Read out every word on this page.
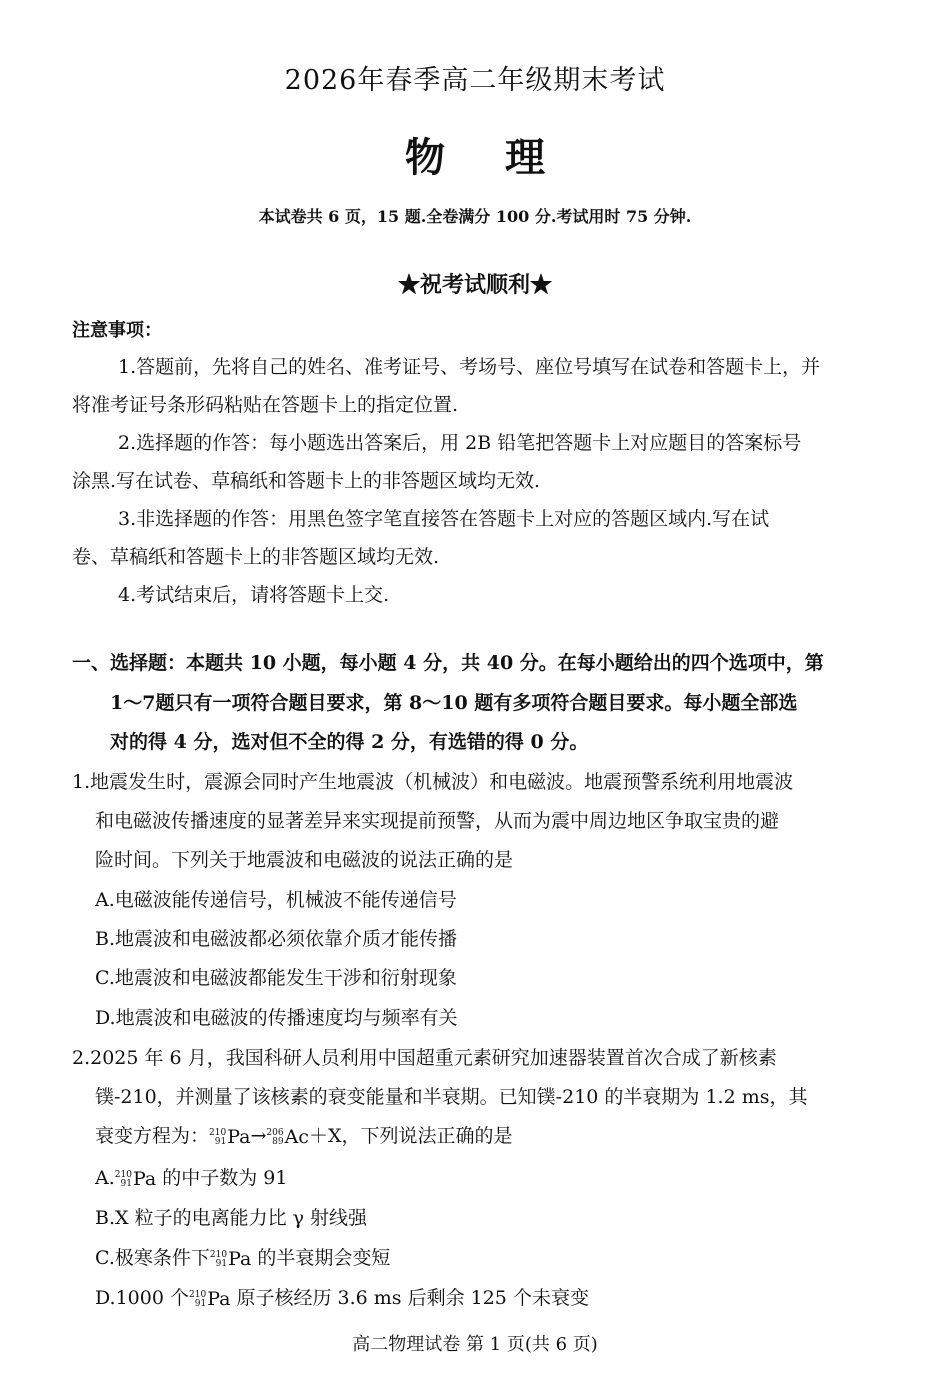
2026年春季高二年级期末考试
物 理
本试卷共 6 页，15 题.全卷满分 100 分.考试用时 75 分钟.
★祝考试顺利★
注意事项：
1.答题前，先将自己的姓名、准考证号、考场号、座位号填写在试卷和答题卡上，并
将准考证号条形码粘贴在答题卡上的指定位置.
2.选择题的作答：每小题选出答案后，用 2B 铅笔把答题卡上对应题目的答案标号
涂黑.写在试卷、草稿纸和答题卡上的非答题区域均无效.
3.非选择题的作答：用黑色签字笔直接答在答题卡上对应的答题区域内.写在试
卷、草稿纸和答题卡上的非答题区域均无效.
4.考试结束后，请将答题卡上交.
一、选择题：本题共 10 小题，每小题 4 分，共 40 分。在每小题给出的四个选项中，第
1～7题只有一项符合题目要求，第 8～10 题有多项符合题目要求。每小题全部选
对的得 4 分，选对但不全的得 2 分，有选错的得 0 分。
1.地震发生时，震源会同时产生地震波（机械波）和电磁波。地震预警系统利用地震波
和电磁波传播速度的显著差异来实现提前预警，从而为震中周边地区争取宝贵的避
险时间。下列关于地震波和电磁波的说法正确的是
A.电磁波能传递信号，机械波不能传递信号
B.地震波和电磁波都必须依靠介质才能传播
C.地震波和电磁波都能发生干涉和衍射现象
D.地震波和电磁波的传播速度均与频率有关
2.2025 年 6 月，我国科研人员利用中国超重元素研究加速器装置首次合成了新核素
镤-210，并测量了该核素的衰变能量和半衰期。已知镤-210 的半衰期为 1.2 ms，其
衰变方程为： 210
91 Pa→ 206
89 Ac＋X，下列说法正确的是
A. 210
91 Pa 的中子数为 91
B.X 粒子的电离能力比 γ 射线强
C.极寒条件下 210
91 Pa 的半衰期会变短
D.1000 个 210
91 Pa 原子核经历 3.6 ms 后剩余 125 个未衰变
高二物理试卷 第 1 页(共 6 页)
